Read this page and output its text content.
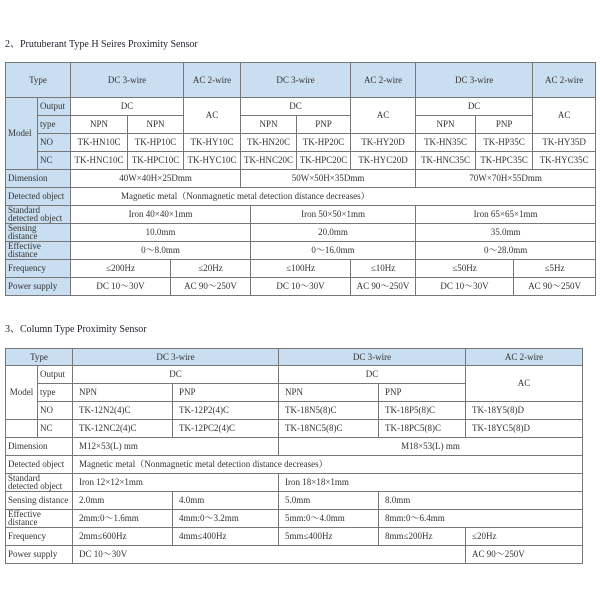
2、Prutuberant Type H Seires Proximity Sensor
Type		DC 3-wire			AC 2-wire	DC 3-wire			AC 2-wire	DC 3-wire			AC 2-wire
Model	Output	DC			AC	DC			AC	DC			AC
	type	NPN	NPN			NPN		PNP		NPN	PNP		
	NO	TK-HN10C	TK-HP10C		TK-HY10C	TK-HN20C		TK-HP20C	TK-HY20D	TK-HN35C	TK-HP35C		TK-HY35D
	NC	TK-HNC10C	TK-HPC10C		TK-HYC10C	TK-HNC20C		TK-HPC20C	TK-HYC20D	TK-HNC35C	TK-HPC35C		TK-HYC35C
Dimension		40W×40H×25Dmm				50W×50H×35Dmm				70W×70H×55Dmm			
Detected object		Magnetic metal（Nonmagnetic metal detection distance decreases）											
Standard detected object		Iron 40×40×1mm					Iron 50×50×1mm			Iron 65×65×1mm			
Sensing distance		10.0mm					20.0mm			35.0mm			
Effective distance		0～8.0mm					0～16.0mm			0～28.0mm			
Frequency		≤200Hz		≤20Hz			≤100Hz		≤10Hz	≤50Hz		≤5Hz	
Power supply		DC 10～30V		AC 90～250V			DC 10～30V		AC 90～250V	DC 10～30V		AC 90～250V	
3、Column Type Proximity Sensor
Type		DC 3-wire		DC 3-wire		AC 2-wire
Model	Output	DC		DC		AC
	type	NPN	PNP	NPN	PNP	
	NO	TK-12N2(4)C	TK-12P2(4)C	TK-18N5(8)C	TK-18P5(8)C	TK-18Y5(8)D
	NC	TK-12NC2(4)C	TK-12PC2(4)C	TK-18NC5(8)C	TK-18PC5(8)C	TK-18YC5(8)D
Dimension		M12×53(L) mm		M18×53(L) mm		
Detected object		Magnetic metal（Nonmagnetic metal detection distance decreases）				
Standard detected object		Iron 12×12×1mm		Iron 18×18×1mm		
Sensing distance		2.0mm	4.0mm	5.0mm	8.0mm	
Effective distance		2mm:0～1.6mm	4mm:0～3.2mm	5mm:0～4.0mm	8mm:0～6.4mm	
Frequency		2mm≤600Hz	4mm≤400Hz	5mm≤400Hz	8mm≤200Hz	≤20Hz
Power supply		DC 10～30V				AC 90～250V
